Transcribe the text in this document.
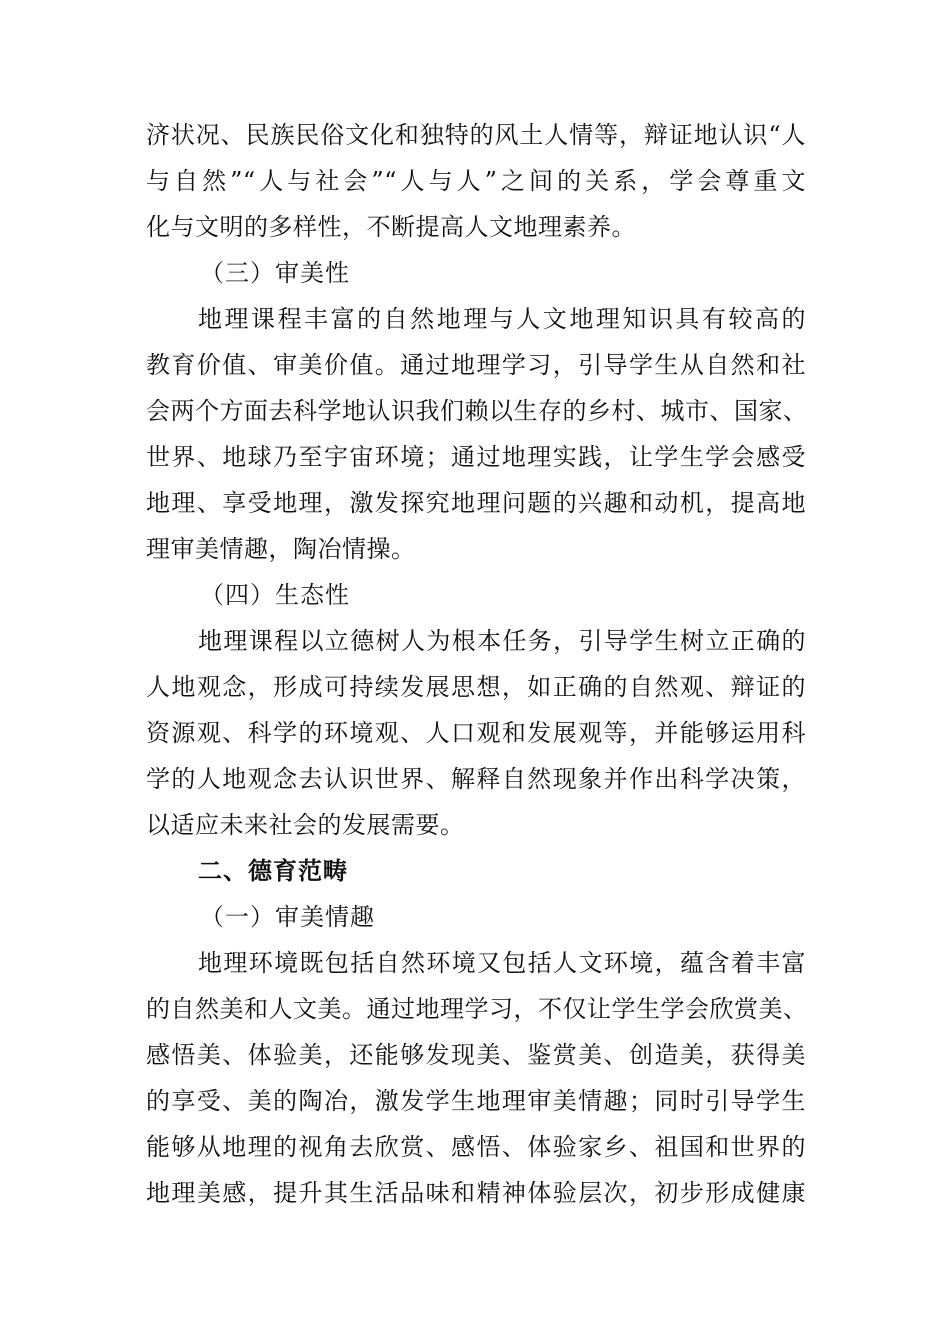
济状况、民族民俗文化和独特的风土人情等，辩证地认识“人
与自然”“人与社会”“人与人”之间的关系，学会尊重文
化与文明的多样性，不断提高人文地理素养。
（三）审美性
地理课程丰富的自然地理与人文地理知识具有较高的
教育价值、审美价值。通过地理学习，引导学生从自然和社
会两个方面去科学地认识我们赖以生存的乡村、城市、国家、
世界、地球乃至宇宙环境；通过地理实践，让学生学会感受
地理、享受地理，激发探究地理问题的兴趣和动机，提高地
理审美情趣，陶冶情操。
（四）生态性
地理课程以立德树人为根本任务，引导学生树立正确的
人地观念，形成可持续发展思想，如正确的自然观、辩证的
资源观、科学的环境观、人口观和发展观等，并能够运用科
学的人地观念去认识世界、解释自然现象并作出科学决策，
以适应未来社会的发展需要。
二、德育范畴
（一）审美情趣
地理环境既包括自然环境又包括人文环境，蕴含着丰富
的自然美和人文美。通过地理学习，不仅让学生学会欣赏美、
感悟美、体验美，还能够发现美、鉴赏美、创造美，获得美
的享受、美的陶冶，激发学生地理审美情趣；同时引导学生
能够从地理的视角去欣赏、感悟、体验家乡、祖国和世界的
地理美感，提升其生活品味和精神体验层次，初步形成健康
